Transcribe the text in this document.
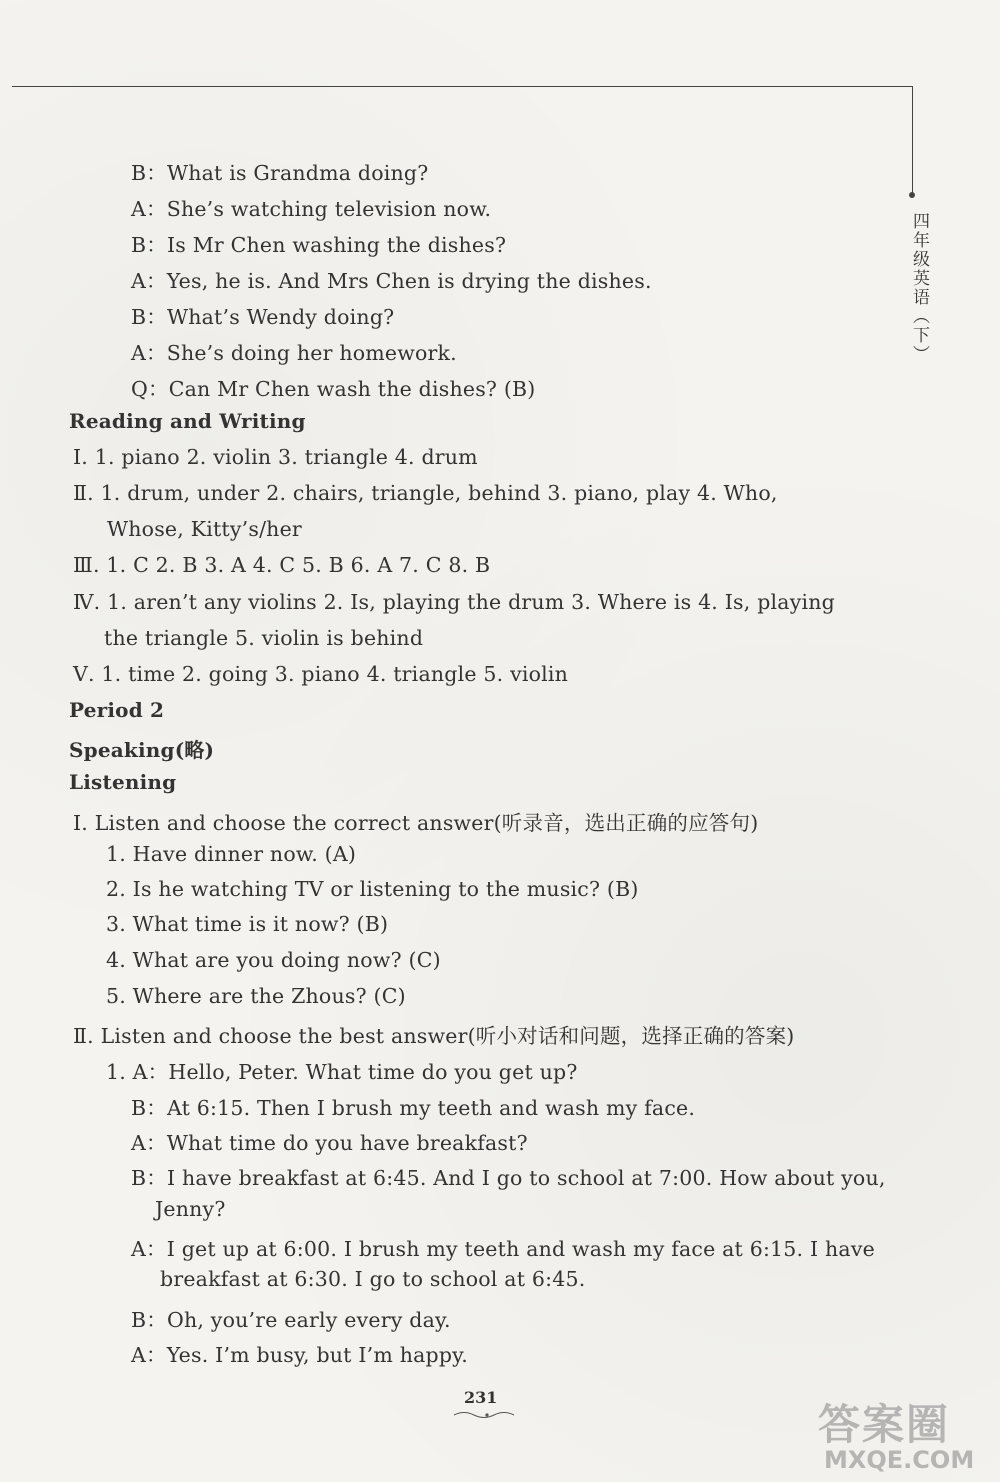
四年级英语（下）
B：What is Grandma doing?
A：She’s watching television now.
B：Is Mr Chen washing the dishes?
A：Yes, he is. And Mrs Chen is drying the dishes.
B：What’s Wendy doing?
A：She’s doing her homework.
Q：Can Mr Chen wash the dishes? (B)
Reading and Writing
Ⅰ. 1. piano 2. violin 3. triangle 4. drum
Ⅱ. 1. drum, under 2. chairs, triangle, behind 3. piano, play 4. Who,
Whose, Kitty’s/her
Ⅲ. 1. C 2. B 3. A 4. C 5. B 6. A 7. C 8. B
Ⅳ. 1. aren’t any violins 2. Is, playing the drum 3. Where is 4. Is, playing
the triangle 5. violin is behind
Ⅴ. 1. time 2. going 3. piano 4. triangle 5. violin
Period 2
Speaking(略)
Listening
Ⅰ. Listen and choose the correct answer(听录音，选出正确的应答句)
1. Have dinner now. (A)
2. Is he watching TV or listening to the music? (B)
3. What time is it now? (B)
4. What are you doing now? (C)
5. Where are the Zhous? (C)
Ⅱ. Listen and choose the best answer(听小对话和问题，选择正确的答案)
1. A：Hello, Peter. What time do you get up?
B：At 6:15. Then I brush my teeth and wash my face.
A：What time do you have breakfast?
B：I have breakfast at 6:45. And I go to school at 7:00. How about you,
Jenny?
A：I get up at 6:00. I brush my teeth and wash my face at 6:15. I have
breakfast at 6:30. I go to school at 6:45.
B：Oh, you’re early every day.
A：Yes. I’m busy, but I’m happy.
231
答案圈
MXQE.COM
